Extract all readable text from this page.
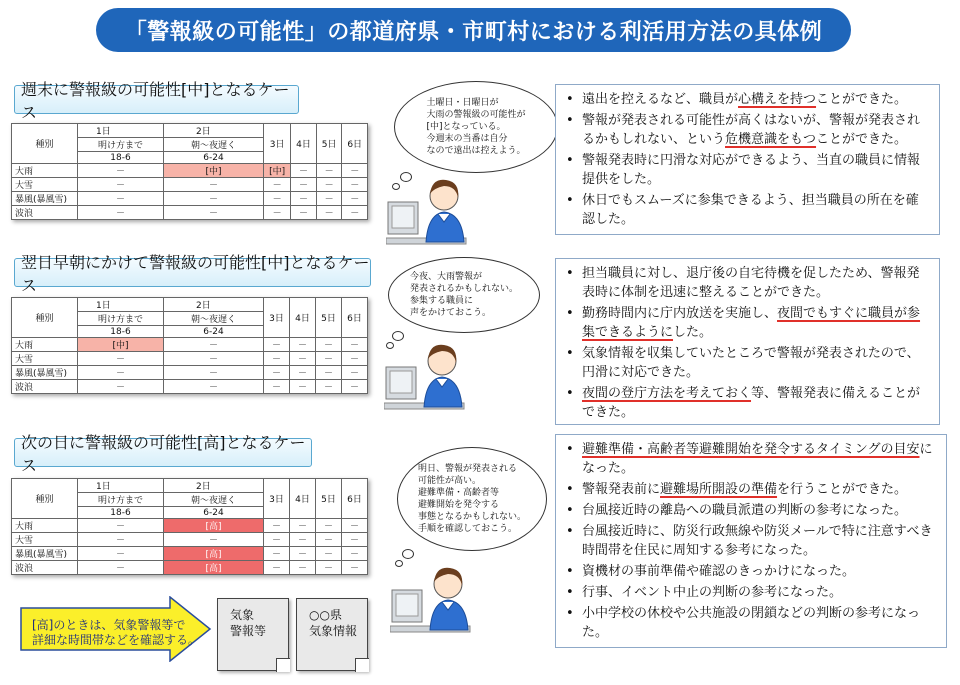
「警報級の可能性」の都道府県・市町村における利活用方法の具体例
週末に警報級の可能性[中]となるケース
種別	1日	2日	3日	4日	5日	6日
	明け方まで	朝～夜遅く				
	18-6	6-24				
大雨	－	[中]	[中]	－	－	－
大雪	－	－	－	－	－	－
暴風(暴風雪)	－	－	－	－	－	－
波浪	－	－	－	－	－	－
土曜日・日曜日が
大雨の警報級の可能性が
[中]となっている。
今週末の当番は自分
なので遠出は控えよう。
• 遠出を控えるなど、職員が心構えを持つことができた。
• 警報が発表される可能性が高くはないが、警報が発表されるかもしれない、という危機意識をもつことができた。
• 警報発表時に円滑な対応ができるよう、当直の職員に情報提供をした。
• 休日でもスムーズに参集できるよう、担当職員の所在を確認した。
翌日早朝にかけて警報級の可能性[中]となるケース
種別	1日	2日	3日	4日	5日	6日
	明け方まで	朝～夜遅く				
	18-6	6-24				
大雨	[中]	－	－	－	－	－
大雪	－	－	－	－	－	－
暴風(暴風雪)	－	－	－	－	－	－
波浪	－	－	－	－	－	－
今夜、大雨警報が
発表されるかもしれない。
参集する職員に
声をかけておこう。
• 担当職員に対し、退庁後の自宅待機を促したため、警報発表時に体制を迅速に整えることができた。
• 勤務時間内に庁内放送を実施し、夜間でもすぐに職員が参集できるようにした。
• 気象情報を収集していたところで警報が発表されたので、円滑に対応できた。
• 夜間の登庁方法を考えておく等、警報発表に備えることができた。
次の日に警報級の可能性[高]となるケース
種別	1日	2日	3日	4日	5日	6日
	明け方まで	朝～夜遅く				
	18-6	6-24				
大雨	－	[高]	－	－	－	－
大雪	－	－	－	－	－	－
暴風(暴風雪)	－	[高]	－	－	－	－
波浪	－	[高]	－	－	－	－
明日、警報が発表される
可能性が高い。
避難準備・高齢者等
避難開始を発令する
事態となるかもしれない。
手順を確認しておこう。
• 避難準備・高齢者等避難開始を発令するタイミングの目安になった。
• 警報発表前に避難場所開設の準備を行うことができた。
• 台風接近時の離島への職員派遣の判断の参考になった。
• 台風接近時に、防災行政無線や防災メールで特に注意すべき時間帯を住民に周知する参考になった。
• 資機材の事前準備や確認のきっかけになった。
• 行事、イベント中止の判断の参考になった。
• 小中学校の休校や公共施設の閉鎖などの判断の参考になった。
[高]のときは、気象警報等で
詳細な時間帯などを確認する。
気象
警報等
○○県
気象情報
